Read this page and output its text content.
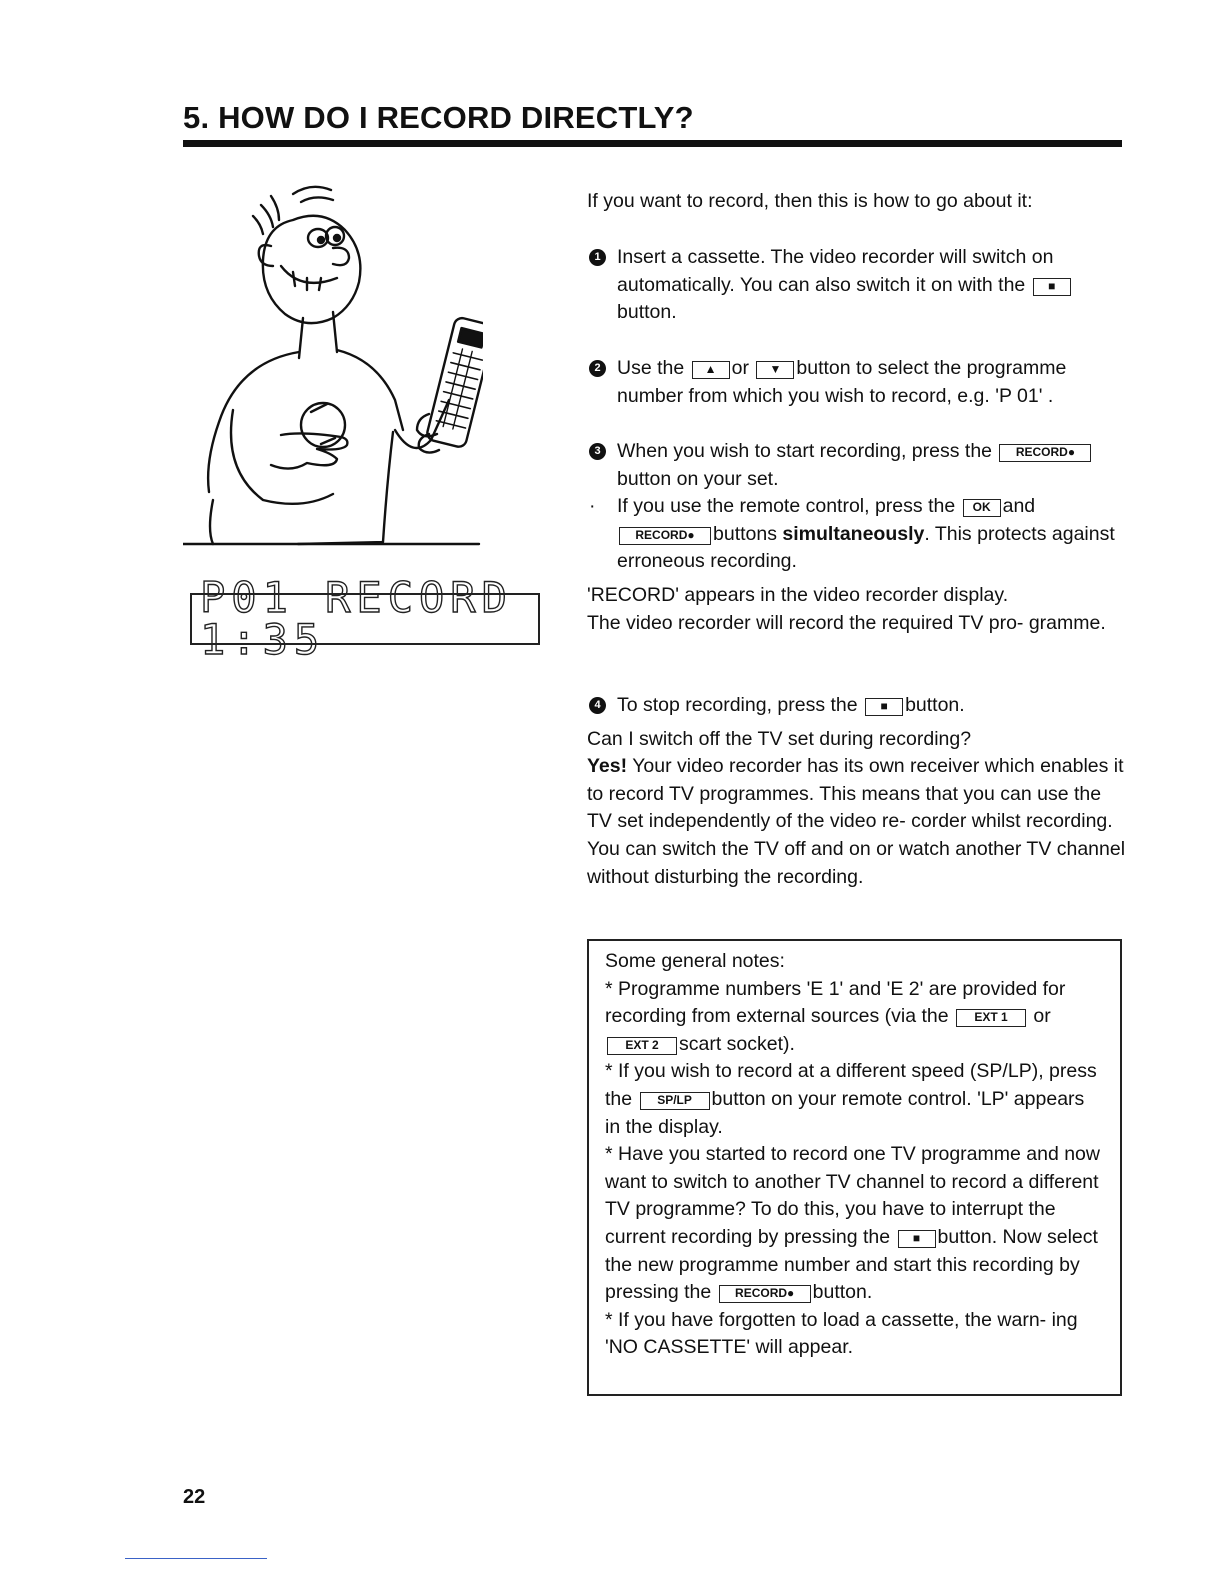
5. HOW DO I RECORD DIRECTLY?
P01 RECORD 1:35

If you want to record, then this is how to go about it:

1 Insert a cassette. The video recorder will switch on automatically. You can also switch it on with the ■button.

2 Use the ▲ or ▼ button to select the programme number from which you wish to record, e.g. 'P 01' .

3 When you wish to start recording, press the RECORD●button on your set.

· If you use the remote control, press the OK and RECORD● buttons simultaneously. This protects against erroneous recording.

'RECORD' appears in the video recorder display.

The video recorder will record the required TV pro- gramme.

4 To stop recording, press the ■ button.

Can I switch off the TV set during recording?

Yes! Your video recorder has its own receiver which enables it to record TV programmes. This means that you can use the TV set independently of the video re- corder whilst recording. You can switch the TV off and on or watch another TV channel without disturbing the recording.

Some general notes:

* Programme numbers 'E 1' and 'E 2' are provided for recording from external sources (via the EXT 1 or EXT 2 scart socket).

* If you wish to record at a different speed (SP/LP), press the SP/LP button on your remote control. 'LP' appears in the display.

* Have you started to record one TV programme and now want to switch to another TV channel to record a different TV programme? To do this, you have to interrupt the current recording by pressing the ■ button. Now select the new programme number and start this recording by pressing the RECORD● button.

* If you have forgotten to load a cassette, the warn- ing 'NO CASSETTE' will appear.

22
